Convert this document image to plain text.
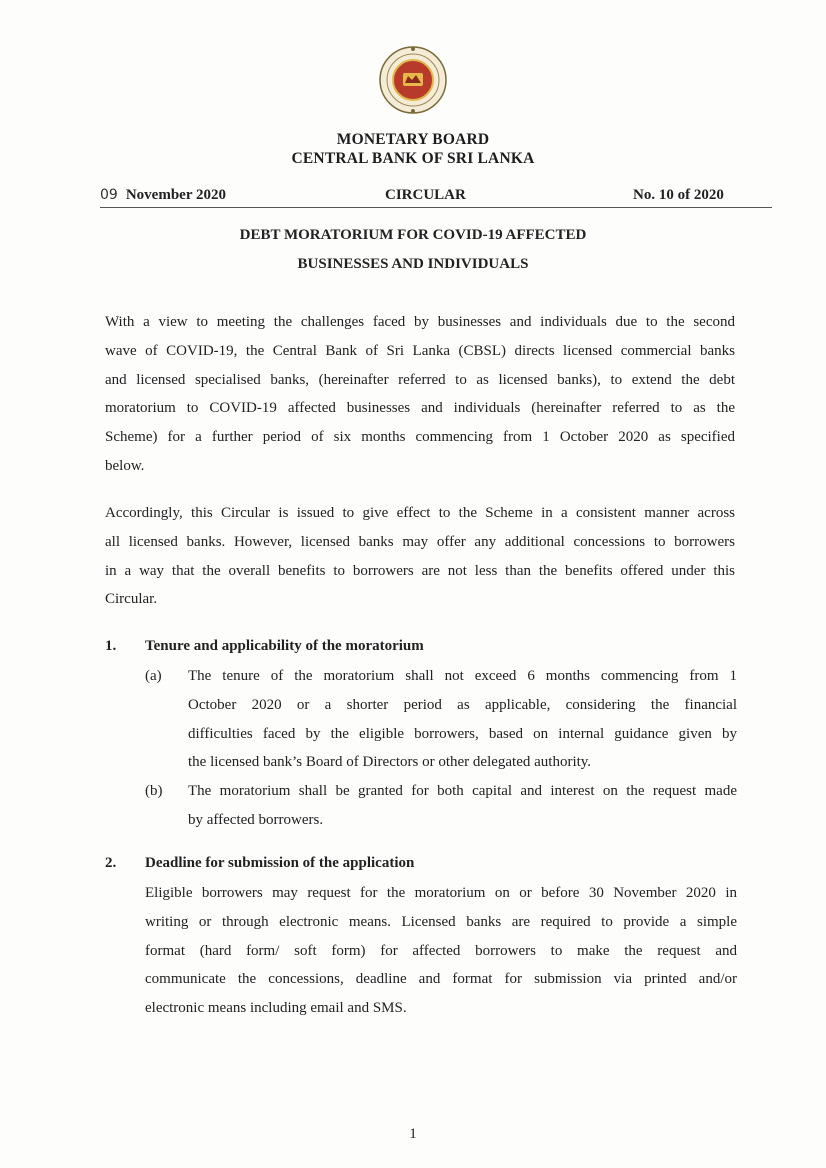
MONETARY BOARD
CENTRAL BANK OF SRI LANKA
09 November 2020	CIRCULAR	No. 10 of 2020
DEBT MORATORIUM FOR COVID-19 AFFECTED
BUSINESSES AND INDIVIDUALS
With a view to meeting the challenges faced by businesses and individuals due to the second
wave of COVID-19, the Central Bank of Sri Lanka (CBSL) directs licensed commercial banks
and licensed specialised banks, (hereinafter referred to as licensed banks), to extend the debt
moratorium to COVID-19 affected businesses and individuals (hereinafter referred to as the
Scheme) for a further period of six months commencing from 1 October 2020 as specified
below.
Accordingly, this Circular is issued to give effect to the Scheme in a consistent manner across
all licensed banks. However, licensed banks may offer any additional concessions to borrowers
in a way that the overall benefits to borrowers are not less than the benefits offered under this
Circular.
1. Tenure and applicability of the moratorium
(a) The tenure of the moratorium shall not exceed 6 months commencing from 1
October 2020 or a shorter period as applicable, considering the financial
difficulties faced by the eligible borrowers, based on internal guidance given by
the licensed bank’s Board of Directors or other delegated authority.
(b) The moratorium shall be granted for both capital and interest on the request made
by affected borrowers.
2. Deadline for submission of the application
Eligible borrowers may request for the moratorium on or before 30 November 2020 in
writing or through electronic means. Licensed banks are required to provide a simple
format (hard form/ soft form) for affected borrowers to make the request and
communicate the concessions, deadline and format for submission via printed and/or
electronic means including email and SMS.
1
